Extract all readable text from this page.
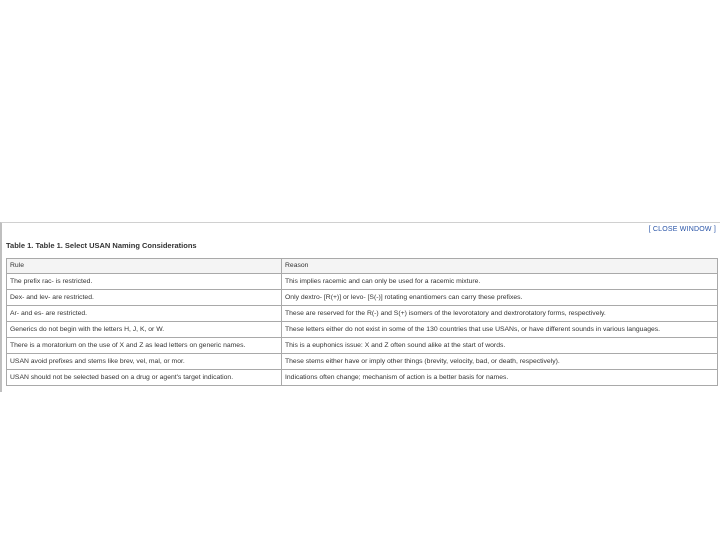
[ CLOSE WINDOW ]

Table 1. Table 1. Select USAN Naming Considerations

Rule	Reason
The prefix rac- is restricted.	This implies racemic and can only be used for a racemic mixture.
Dex- and lev- are restricted.	Only dextro- [R(+)] or levo- [S(-)] rotating enantiomers can carry these prefixes.
Ar- and es- are restricted.	These are reserved for the R(-) and S(+) isomers of the levorotatory and dextrorotatory forms, respectively.
Generics do not begin with the letters H, J, K, or W.	These letters either do not exist in some of the 130 countries that use USANs, or have different sounds in various languages.
There is a moratorium on the use of X and Z as lead letters on generic names.	This is a euphonics issue: X and Z often sound alike at the start of words.
USAN avoid prefixes and stems like brev, vel, mal, or mor.	These stems either have or imply other things (brevity, velocity, bad, or death, respectively).
USAN should not be selected based on a drug or agent's target indication.	Indications often change; mechanism of action is a better basis for names.
